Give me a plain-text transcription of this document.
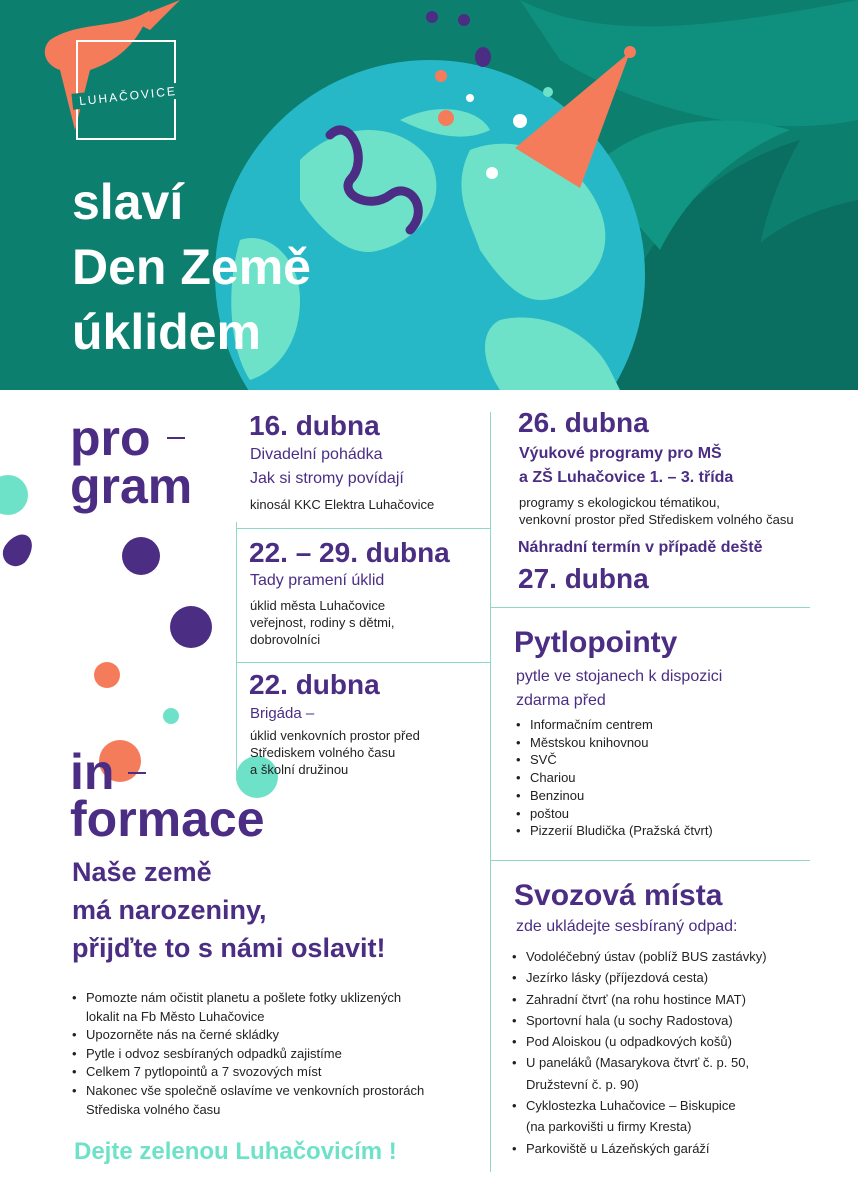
LUHAČOVICE
slaví
Den Země
úklidem
pro
gram
16. dubna
Divadelní pohádka
Jak si stromy povídají
kinosál KKC Elektra Luhačovice
22. – 29. dubna
Tady pramení úklid
úklid města Luhačovice
veřejnost, rodiny s dětmi,
dobrovolníci
22. dubna
Brigáda –
úklid venkovních prostor před
Střediskem volného času
a školní družinou
26. dubna
Výukové programy pro MŠ
a ZŠ Luhačovice 1. – 3. třída
programy s ekologickou tématikou,
venkovní prostor před Střediskem volného času
Náhradní termín v případě deště
27. dubna
Pytlopointy
pytle ve stojanech k dispozici
zdarma před
• Informačním centrem
• Městskou knihovnou
• SVČ
• Chariou
• Benzinou
• poštou
• Pizzerií Bludička (Pražská čtvrt)
Svozová místa
zde ukládejte sesbíraný odpad:
• Vodoléčebný ústav (poblíž BUS zastávky)
• Jezírko lásky (příjezdová cesta)
• Zahradní čtvrť (na rohu hostince MAT)
• Sportovní hala (u sochy Radostova)
• Pod Aloiskou (u odpadkových košů)
• U paneláků (Masarykova čtvrť č. p. 50,
Družstevní č. p. 90)
• Cyklostezka Luhačovice – Biskupice
(na parkovišti u firmy Kresta)
• Parkoviště u Lázeňských garáží
in
formace
Naše země
má narozeniny,
přijďte to s námi oslavit!
• Pomozte nám očistit planetu a pošlete fotky uklizených
lokalit na Fb Město Luhačovice
• Upozorněte nás na černé skládky
• Pytle i odvoz sesbíraných odpadků zajistíme
• Celkem 7 pytlopointů a 7 svozových míst
• Nakonec vše společně oslavíme ve venkovních prostorách
Střediska volného času
Dejte zelenou Luhačovicím !
